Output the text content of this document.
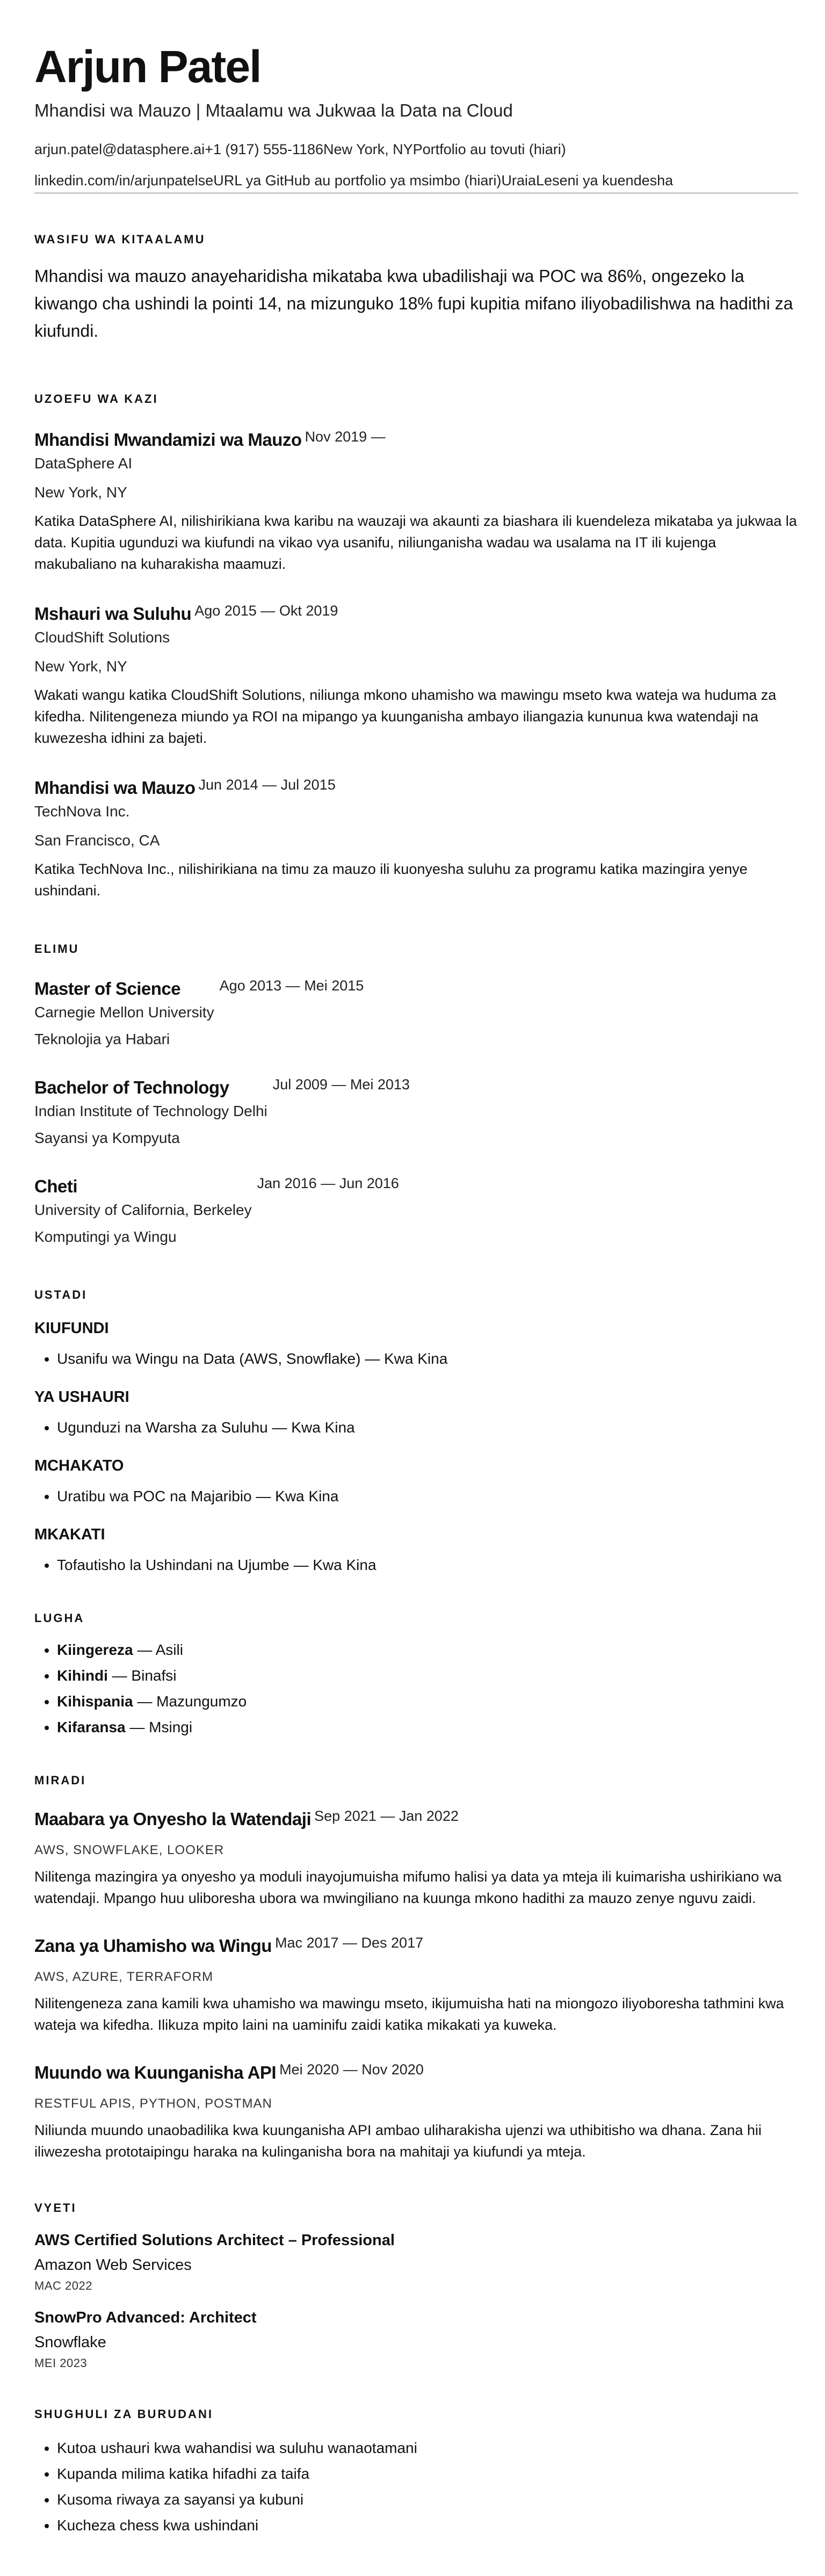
Arjun Patel
Mhandisi wa Mauzo | Mtaalamu wa Jukwaa la Data na Cloud
arjun.patel@datasphere.ai+1 (917) 555-1186New York, NYPortfolio au tovuti (hiari)
linkedin.com/in/arjunpatelseURL ya GitHub au portfolio ya msimbo (hiari)UraiaLeseni ya kuendesha
WASIFU WA KITAALAMU
Mhandisi wa mauzo anayeharidisha mikataba kwa ubadilishaji wa POC wa 86%, ongezeko la kiwango cha ushindi la pointi 14, na mizunguko 18% fupi kupitia mifano iliyobadilishwa na hadithi za kiufundi.
UZOEFU WA KAZI
Mhandisi Mwandamizi wa Mauzo $^{Nov 2019 —}$
DataSphere AI
New York, NY
Katika DataSphere AI, nilishirikiana kwa karibu na wauzaji wa akaunti za biashara ili kuendeleza mikataba ya jukwaa la data. Kupitia ugunduzi wa kiufundi na vikao vya usanifu, niliunganisha wadau wa usalama na IT ili kujenga makubaliano na kuharakisha maamuzi.
Mshauri wa Suluhu $^{Ago 2015 — Okt 2019}$
CloudShift Solutions
New York, NY
Wakati wangu katika CloudShift Solutions, niliunga mkono uhamisho wa mawingu mseto kwa wateja wa huduma za kifedha. Nilitengeneza miundo ya ROI na mipango ya kuunganisha ambayo iliangazia kununua kwa watendaji na kuwezesha idhini za bajeti.
Mhandisi wa Mauzo $^{Jun 2014 — Jul 2015}$
TechNova Inc.
San Francisco, CA
Katika TechNova Inc., nilishirikiana na timu za mauzo ili kuonyesha suluhu za programu katika mazingira yenye ushindani.
ELIMU
Master of Science	Ago 2013 — Mei 2015
Carnegie Mellon University
Teknolojia ya Habari
Bachelor of Technology	Jul 2009 — Mei 2013
Indian Institute of Technology Delhi
Sayansi ya Kompyuta
Cheti	Jan 2016 — Jun 2016
University of California, Berkeley
Komputingi ya Wingu
USTADI
KIUFUNDI
• Usanifu wa Wingu na Data (AWS, Snowflake) — Kwa Kina
YA USHAURI
• Ugunduzi na Warsha za Suluhu — Kwa Kina
MCHAKATO
• Uratibu wa POC na Majaribio — Kwa Kina
MKAKATI
• Tofautisho la Ushindani na Ujumbe — Kwa Kina
LUGHA
• Kiingereza — Asili
• Kihindi — Binafsi
• Kihispania — Mazungumzo
• Kifaransa — Msingi
MIRADI
Maabara ya Onyesho la Watendaji $^{Sep 2021 — Jan 2022}$
AWS, SNOWFLAKE, LOOKER
Nilitenga mazingira ya onyesho ya moduli inayojumuisha mifumo halisi ya data ya mteja ili kuimarisha ushirikiano wa watendaji. Mpango huu uliboresha ubora wa mwingiliano na kuunga mkono hadithi za mauzo zenye nguvu zaidi.
Zana ya Uhamisho wa Wingu $^{Mac 2017 — Des 2017}$
AWS, AZURE, TERRAFORM
Nilitengeneza zana kamili kwa uhamisho wa mawingu mseto, ikijumuisha hati na miongozo iliyoboresha tathmini kwa wateja wa kifedha. Ilikuza mpito laini na uaminifu zaidi katika mikakati ya kuweka.
Muundo wa Kuunganisha API $^{Mei 2020 — Nov 2020}$
RESTFUL APIS, PYTHON, POSTMAN
Niliunda muundo unaobadilika kwa kuunganisha API ambao uliharakisha ujenzi wa uthibitisho wa dhana. Zana hii iliwezesha prototaipingu haraka na kulinganisha bora na mahitaji ya kiufundi ya mteja.
VYETI
AWS Certified Solutions Architect – Professional
Amazon Web Services
MAC 2022
SnowPro Advanced: Architect
Snowflake
MEI 2023
SHUGHULI ZA BURUDANI
• Kutoa ushauri kwa wahandisi wa suluhu wanaotamani
• Kupanda milima katika hifadhi za taifa
• Kusoma riwaya za sayansi ya kubuni
• Kucheza chess kwa ushindani
